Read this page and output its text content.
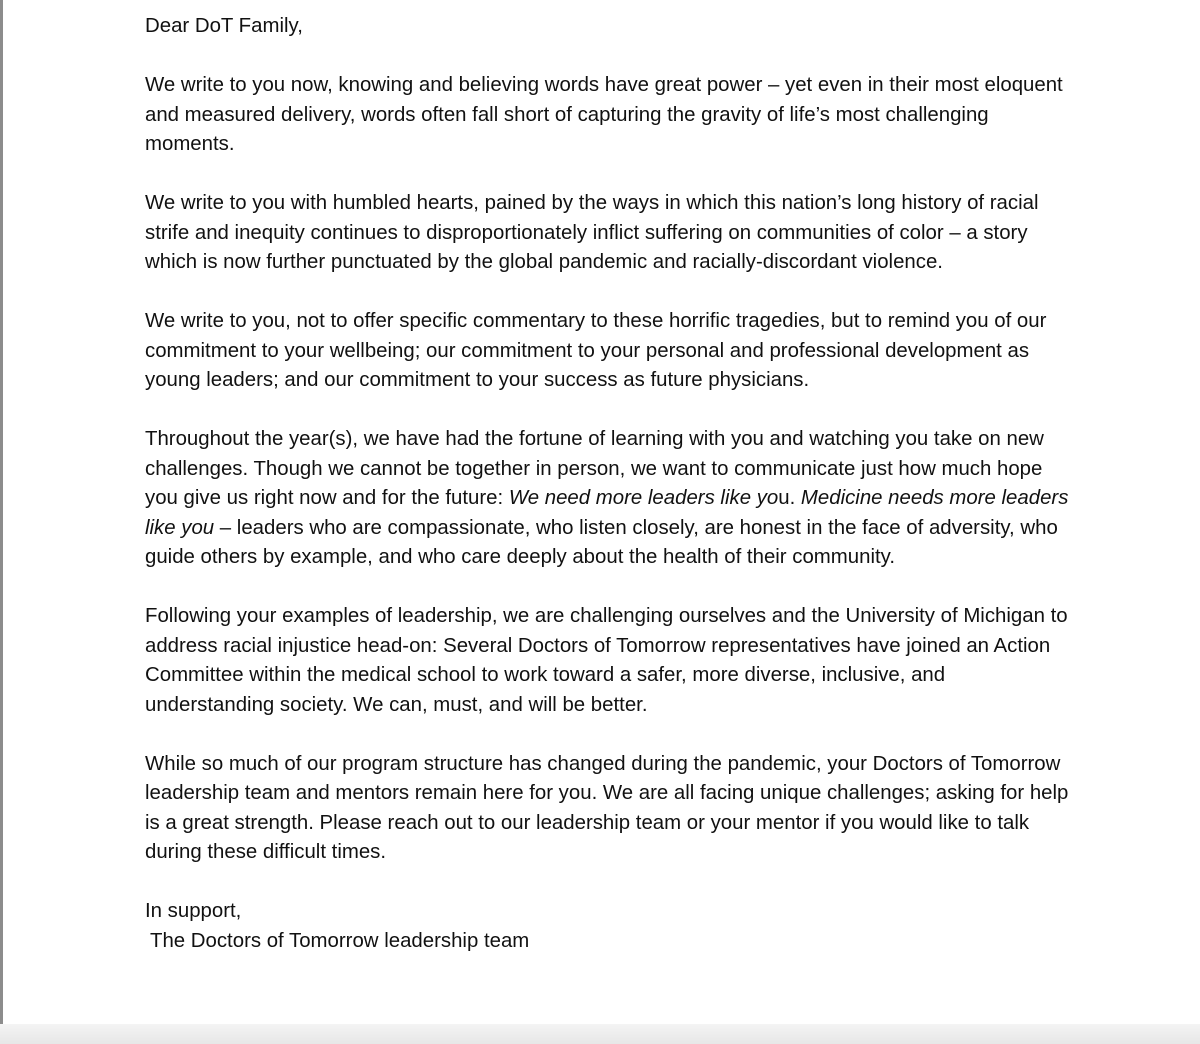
Dear DoT Family,

We write to you now, knowing and believing words have great power – yet even in their most eloquent and measured delivery, words often fall short of capturing the gravity of life’s most challenging moments.

We write to you with humbled hearts, pained by the ways in which this nation’s long history of racial strife and inequity continues to disproportionately inflict suffering on communities of color – a story which is now further punctuated by the global pandemic and racially-discordant violence.

We write to you, not to offer specific commentary to these horrific tragedies, but to remind you of our commitment to your wellbeing; our commitment to your personal and professional development as young leaders; and our commitment to your success as future physicians.

Throughout the year(s), we have had the fortune of learning with you and watching you take on new challenges. Though we cannot be together in person, we want to communicate just how much hope you give us right now and for the future: We need more leaders like you. Medicine needs more leaders like you – leaders who are compassionate, who listen closely, are honest in the face of adversity, who guide others by example, and who care deeply about the health of their community.

Following your examples of leadership, we are challenging ourselves and the University of Michigan to address racial injustice head-on: Several Doctors of Tomorrow representatives have joined an Action Committee within the medical school to work toward a safer, more diverse, inclusive, and understanding society. We can, must, and will be better.

While so much of our program structure has changed during the pandemic, your Doctors of Tomorrow leadership team and mentors remain here for you. We are all facing unique challenges; asking for help is a great strength. Please reach out to our leadership team or your mentor if you would like to talk during these difficult times.

In support,

The Doctors of Tomorrow leadership team
